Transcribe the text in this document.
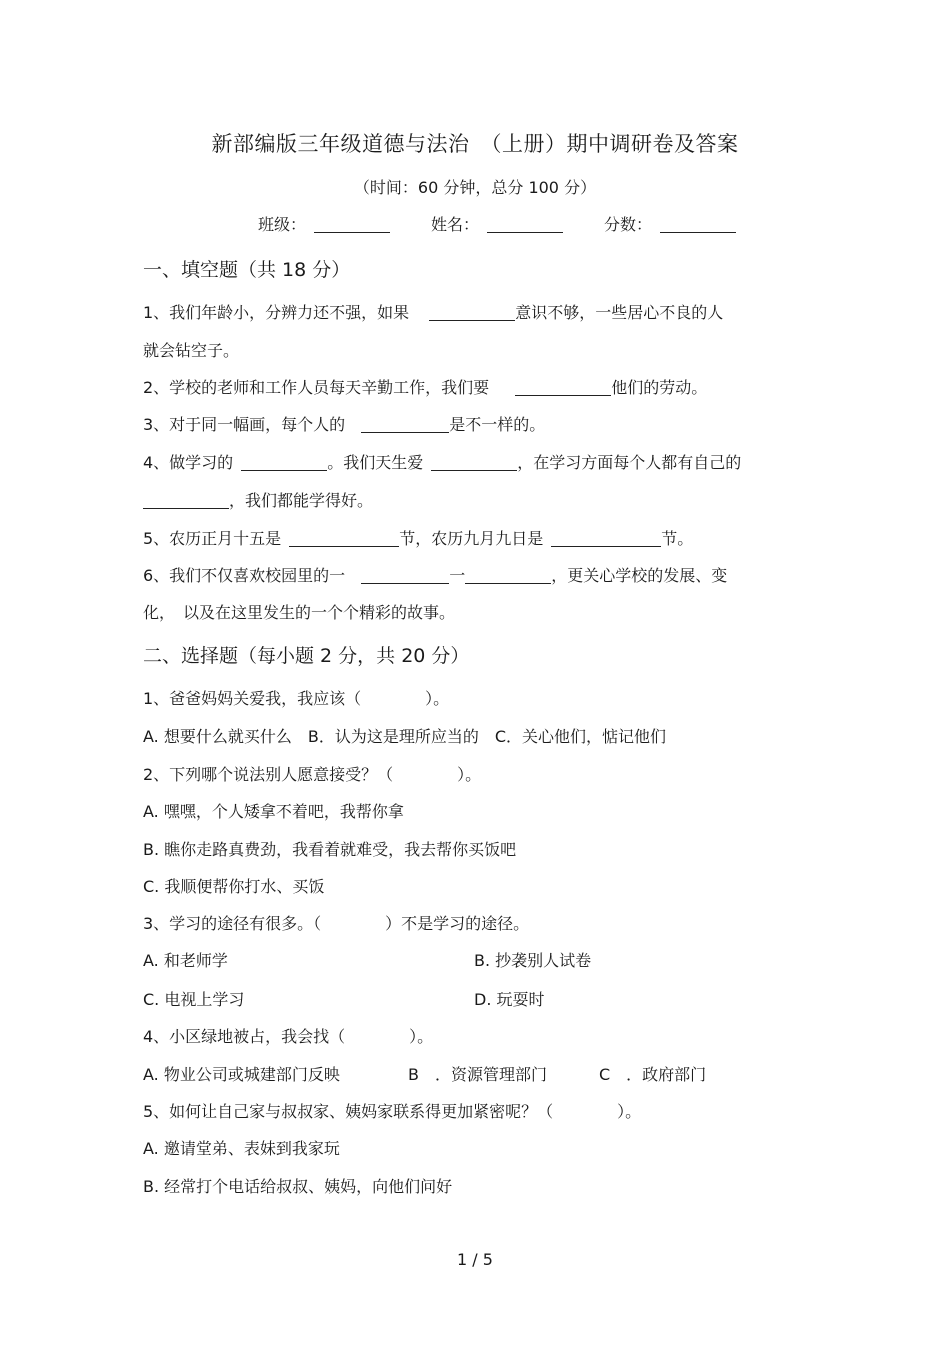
新部编版三年级道德与法治　（上册）期中调研卷及答案
（时间：60 分钟，总分 100 分）
班级：	姓名：	分数：
一、填空题（共 18 分）
1、我们年龄小，分辨力还不强，如果	意识不够，一些居心不良的人
就会钻空子。
2、学校的老师和工作人员每天辛勤工作，我们要	他们的劳动。
3、对于同一幅画，每个人的	是不一样的。
4、做学习的	。我们天生爱	，在学习方面每个人都有自己的
，我们都能学得好。
5、农历正月十五是	节，农历九月九日是	节。
6、我们不仅喜欢校园里的一	一	，更关心学校的发展、变
化，　以及在这里发生的一个个精彩的故事。
二、选择题（每小题 2 分，共 20 分）
1、爸爸妈妈关爱我，我应该（　　　　）。
A. 想要什么就买什么　B．认为这是理所应当的　C．关心他们，惦记他们
2、下列哪个说法别人愿意接受？（　　　　）。
A. 嘿嘿，个人矮拿不着吧，我帮你拿
B. 瞧你走路真费劲，我看着就难受，我去帮你买饭吧
C. 我顺便帮你打水、买饭
3、学习的途径有很多。（　　　　）不是学习的途径。
A. 和老师学	B. 抄袭别人试卷
C. 电视上学习	D. 玩耍时
4、小区绿地被占，我会找（　　　　）。
A. 物业公司或城建部门反映	B　．资源管理部门	C　．政府部门
5、如何让自己家与叔叔家、姨妈家联系得更加紧密呢？（　　　　）。
A. 邀请堂弟、表妹到我家玩
B. 经常打个电话给叔叔、姨妈，向他们问好
1 / 5
